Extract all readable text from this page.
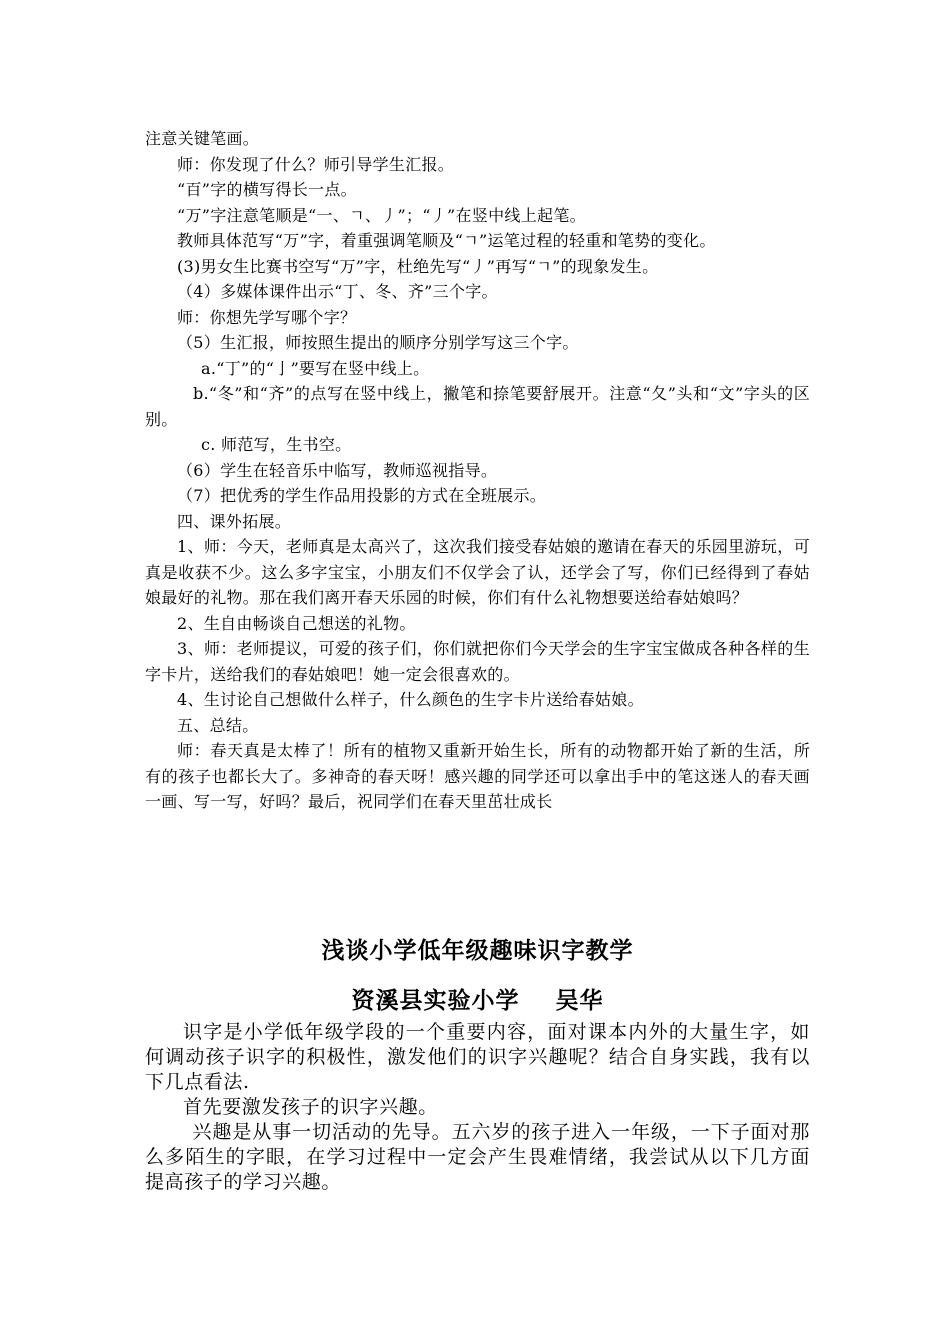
注意关键笔画。

师：你发现了什么？师引导学生汇报。

“百”字的横写得长一点。

“万”字注意笔顺是“一、ㄱ、丿”；“丿”在竖中线上起笔。

教师具体范写“万”字，着重强调笔顺及“ㄱ”运笔过程的轻重和笔势的变化。

(3)男女生比赛书空写“万”字，杜绝先写“丿”再写“ㄱ”的现象发生。

（4）多媒体课件出示“丁、冬、齐”三个字。

师：你想先学写哪个字？

（5）生汇报，师按照生提出的顺序分别学写这三个字。

a.“丁”的“亅”要写在竖中线上。

b.“冬”和“齐”的点写在竖中线上，撇笔和捺笔要舒展开。注意“夂”头和“文”字头的区别。

c. 师范写，生书空。

（6）学生在轻音乐中临写，教师巡视指导。

（7）把优秀的学生作品用投影的方式在全班展示。

四、课外拓展。

1、师：今天，老师真是太高兴了，这次我们接受春姑娘的邀请在春天的乐园里游玩，可真是收获不少。这么多字宝宝，小朋友们不仅学会了认，还学会了写，你们已经得到了春姑娘最好的礼物。那在我们离开春天乐园的时候，你们有什么礼物想要送给春姑娘吗？

2、生自由畅谈自己想送的礼物。

3、师：老师提议，可爱的孩子们，你们就把你们今天学会的生字宝宝做成各种各样的生字卡片，送给我们的春姑娘吧！她一定会很喜欢的。

4、生讨论自己想做什么样子，什么颜色的生字卡片送给春姑娘。

五、总结。

师：春天真是太棒了！所有的植物又重新开始生长，所有的动物都开始了新的生活，所有的孩子也都长大了。多神奇的春天呀！感兴趣的同学还可以拿出手中的笔这迷人的春天画一画、写一写，好吗？最后，祝同学们在春天里茁壮成长

浅谈小学低年级趣味识字教学
资溪县实验小学    吴华

识字是小学低年级学段的一个重要内容，面对课本内外的大量生字，如何调动孩子识字的积极性，激发他们的识字兴趣呢？结合自身实践，我有以下几点看法.

首先要激发孩子的识字兴趣。

兴趣是从事一切活动的先导。五六岁的孩子进入一年级，一下子面对那么多陌生的字眼，在学习过程中一定会产生畏难情绪，我尝试从以下几方面提高孩子的学习兴趣。
